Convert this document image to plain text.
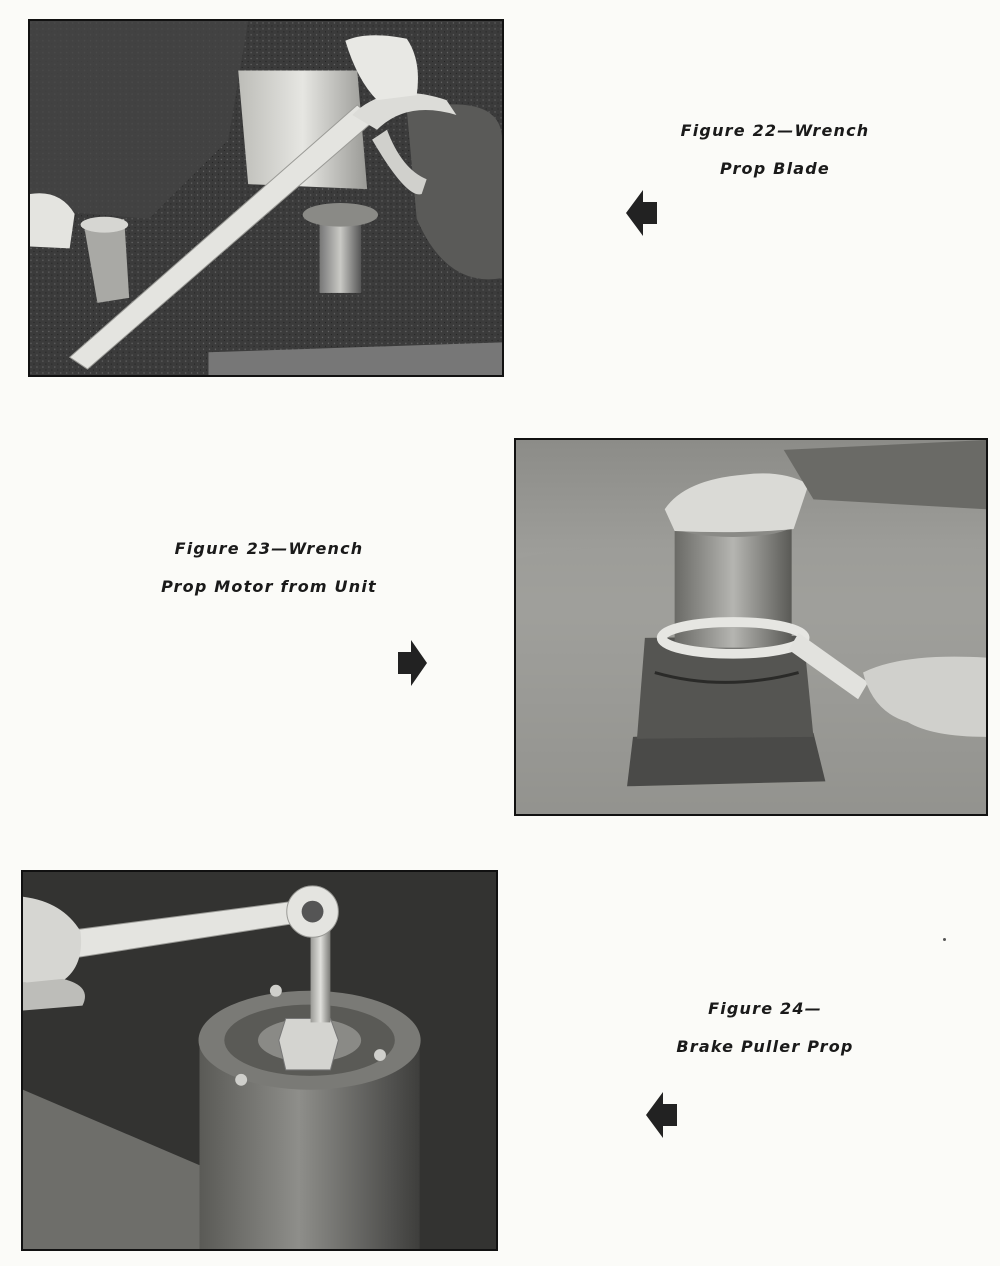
Figure 22—Wrench
Prop Blade
Figure 23—Wrench
Prop Motor from Unit
Figure 24—
Brake Puller Prop
